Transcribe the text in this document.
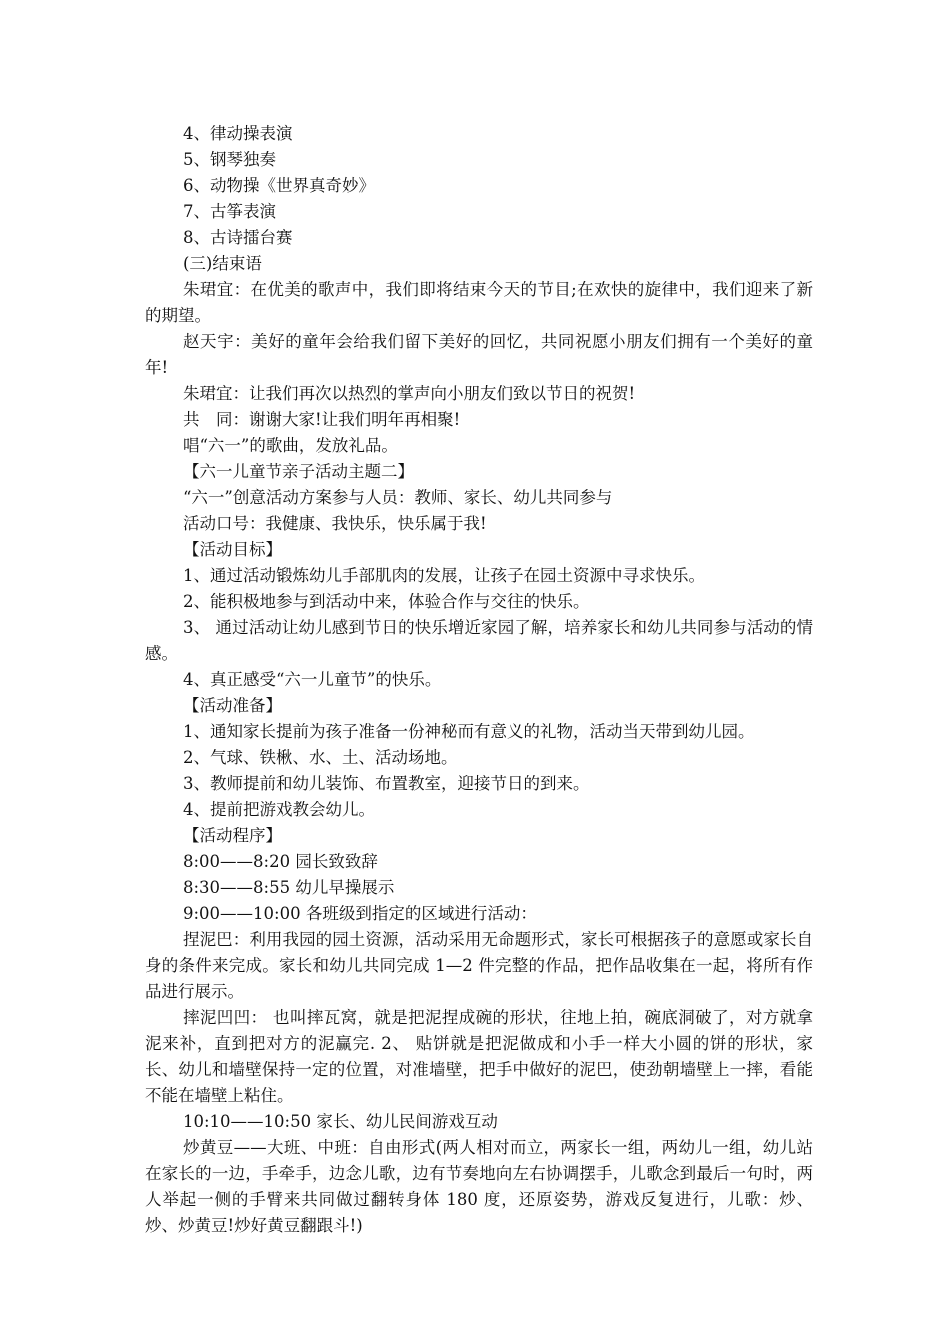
4、律动操表演

5、钢琴独奏

6、动物操《世界真奇妙》

7、古筝表演

8、古诗擂台赛

(三)结束语

朱珺宜：在优美的歌声中，我们即将结束今天的节目;在欢快的旋律中，我们迎来了新的期望。

赵天宇：美好的童年会给我们留下美好的回忆，共同祝愿小朋友们拥有一个美好的童年!

朱珺宜：让我们再次以热烈的掌声向小朋友们致以节日的祝贺!

共　同：谢谢大家!让我们明年再相聚!

唱“六一”的歌曲，发放礼品。

【六一儿童节亲子活动主题二】

“六一”创意活动方案参与人员：教师、家长、幼儿共同参与

活动口号：我健康、我快乐，快乐属于我!

【活动目标】

1、通过活动锻炼幼儿手部肌肉的发展，让孩子在园土资源中寻求快乐。

2、能积极地参与到活动中来，体验合作与交往的快乐。

3、 通过活动让幼儿感到节日的快乐增近家园了解，培养家长和幼儿共同参与活动的情感。

4、真正感受“六一儿童节”的快乐。

【活动准备】

1、通知家长提前为孩子准备一份神秘而有意义的礼物，活动当天带到幼儿园。

2、气球、铁楸、水、土、活动场地。

3、教师提前和幼儿装饰、布置教室，迎接节日的到来。

4、提前把游戏教会幼儿。

【活动程序】

8:00——8:20 园长致致辞

8:30——8:55 幼儿早操展示

9:00——10:00 各班级到指定的区域进行活动：

捏泥巴：利用我园的园土资源，活动采用无命题形式，家长可根据孩子的意愿或家长自身的条件来完成。家长和幼儿共同完成 1—2 件完整的作品，把作品收集在一起，将所有作品进行展示。

摔泥凹凹： 也叫摔瓦窝，就是把泥捏成碗的形状，往地上拍，碗底洞破了，对方就拿泥来补，直到把对方的泥赢完. 2、 贴饼就是把泥做成和小手一样大小圆的饼的形状，家长、幼儿和墙壁保持一定的位置，对准墙壁，把手中做好的泥巴，使劲朝墙壁上一摔，看能不能在墙壁上粘住。

10:10——10:50 家长、幼儿民间游戏互动

炒黄豆——大班、中班：自由形式(两人相对而立，两家长一组，两幼儿一组，幼儿站在家长的一边，手牵手，边念儿歌，边有节奏地向左右协调摆手，儿歌念到最后一句时，两人举起一侧的手臂来共同做过翻转身体 180 度，还原姿势，游戏反复进行，儿歌：炒、炒、炒黄豆!炒好黄豆翻跟斗!)
